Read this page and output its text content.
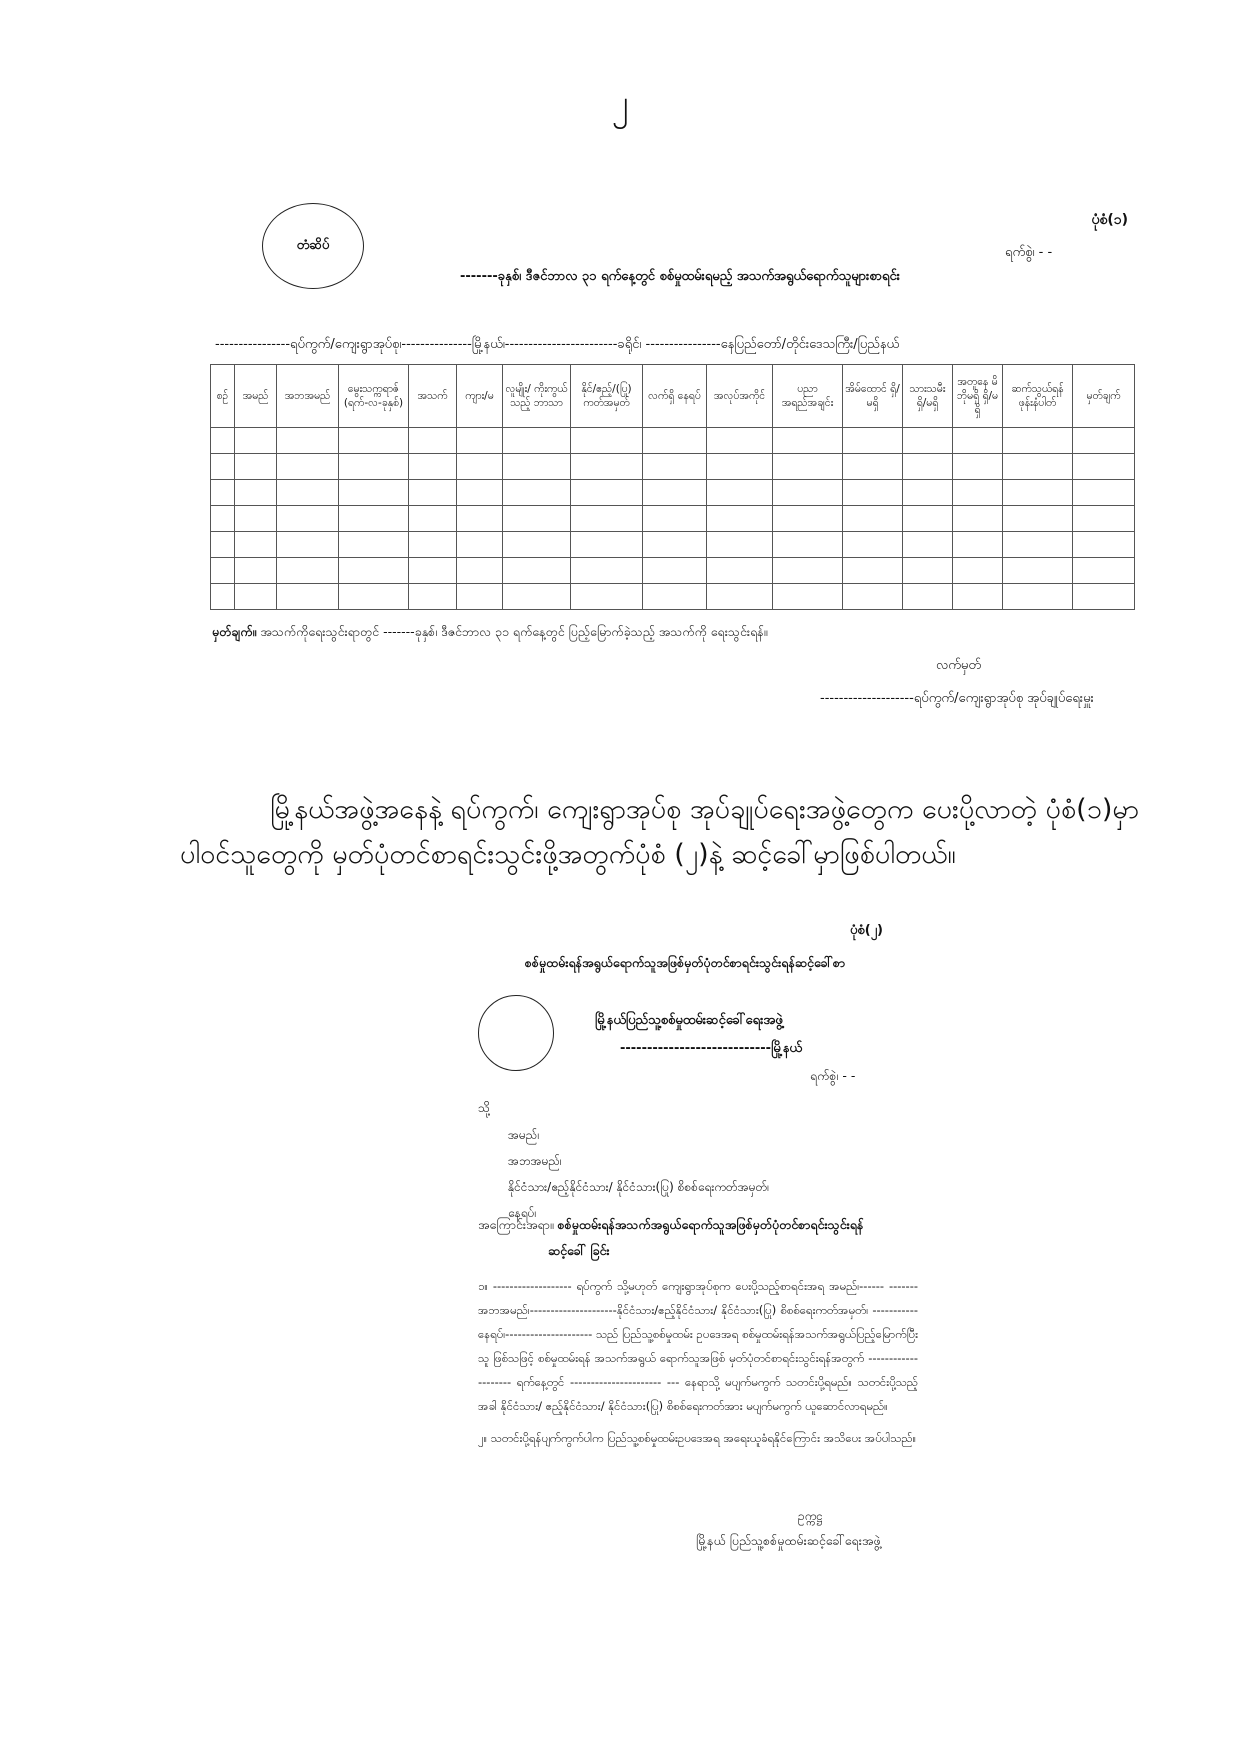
၂
ပုံစံ(၁)
တံဆိပ်	ရက်စွဲ၊ - -
-------ခုနှစ်၊ ဒီဇင်ဘာလ ၃၁ ရက်နေ့တွင် စစ်မှုထမ်းရမည့် အသက်အရွယ်ရောက်သူများစာရင်း
----------------ရပ်ကွက်/ကျေးရွာအုပ်စု၊---------------မြို့နယ်၊------------------------ခရိုင်၊ ----------------နေပြည်တော်/တိုင်းဒေသကြီး/ပြည်နယ်
စဉ်	အမည်	အဘအမည်	မွေးသက္ကရာဇ် (ရက်-လ-ခုနှစ်)	အသက်	ကျား/မ	လူမျိုး/ ကိုးကွယ်သည့် ဘာသာ	နိုင်/ဧည့်/(ပြု) ကတ်အမှတ်	လက်ရှိ နေရပ်	အလုပ်အကိုင်	ပညာ အရည်အချင်း	အိမ်ထောင် ရှိ/မရှိ	သားသမီး ရှိ/မရှိ	အတူနေ မိဘိုမရှိ ရှိ/မရှိ	ဆက်သွယ်ရန် ဖုန်းနံပါတ်	မှတ်ချက်

မှတ်ချက်။ အသက်ကိုရေးသွင်းရာတွင် -------ခုနှစ်၊ ဒီဇင်ဘာလ ၃၁ ရက်နေ့တွင် ပြည့်မြောက်ခဲ့သည့် အသက်ကို ရေးသွင်းရန်။
လက်မှတ်
--------------------ရပ်ကွက်/ကျေးရွာအုပ်စု အုပ်ချုပ်ရေးမှူး
မြို့နယ်အဖွဲ့အနေနဲ့ ရပ်ကွက်၊ ကျေးရွာအုပ်စု အုပ်ချုပ်ရေးအဖွဲ့တွေက ပေးပို့လာတဲ့ ပုံံစံ(၁)မှာ ပါဝင်သူတွေကို မှတ်ပုံတင်စာရင်းသွင်းဖို့အတွက်ပုံစံ (၂)နဲ့ ဆင့်ခေါ်မှာဖြစ်ပါတယ်။
ပုံစံ(၂)
စစ်မှုထမ်းရန်အရွယ်ရောက်သူအဖြစ်မှတ်ပုံတင်စာရင်းသွင်းရန်ဆင့်ခေါ်စာ
မြို့နယ်ပြည်သူ့စစ်မှုထမ်းဆင့်ခေါ်ရေးအဖွဲ့
----------------------------မြို့နယ်
ရက်စွဲ၊ - -
သို့
အမည်၊
အဘအမည်၊
နိုင်ငံသား/ဧည့်နိုင်ငံသား/ နိုင်ငံသား(ပြု) စိစစ်ရေးကတ်အမှတ်၊
နေရပ်၊
အကြောင်းအရာ။ စစ်မှုထမ်းရန်အသက်အရွယ်ရောက်သူအဖြစ်မှတ်ပုံတင်စာရင်းသွင်းရန်
ဆင့်ခေါ် ခြင်း
၁။ ------------------- ရပ်ကွက် သို့မဟုတ် ကျေးရွာအုပ်စုက ပေးပို့သည့်စာရင်းအရ အမည်၊------ -------အဘအမည်၊---------------------နိုင်ငံသား/ဧည့်နိုင်ငံသား/ နိုင်ငံသား(ပြု) စိစစ်ရေးကတ်အမှတ်၊ ----------- နေရပ်၊--------------------- သည် ပြည်သူ့စစ်မှုထမ်း ဥပဒေအရ စစ်မှုထမ်းရန်အသက်အရွယ်ပြည့်မြောက်ပြီးသူ ဖြစ်သဖြင့် စစ်မှုထမ်းရန် အသက်အရွယ် ရောက်သူအဖြစ် မှတ်ပုံတင်စာရင်းသွင်းရန်အတွက် -------------------- ရက်နေ့တွင် ---------------------- --- နေရာသို့ မပျက်မကွက် သတင်းပို့ရမည်။ သတင်းပို့သည့်အခါ နိုင်ငံသား/ ဧည့်နိုင်ငံသား/ နိုင်ငံသား(ပြု) စိစစ်ရေးကတ်အား မပျက်မကွက် ယူဆောင်လာရမည်။
၂။ သတင်းပို့ရန်ပျက်ကွက်ပါက ပြည်သူ့စစ်မှုထမ်းဥပဒေအရ အရေးယူခံရနိုင်ကြောင်း အသိပေး အပ်ပါသည်။
ဥက္ကဋ္ဌ
မြို့နယ် ပြည်သူ့စစ်မှုထမ်းဆင့်ခေါ်ရေးအဖွဲ့
